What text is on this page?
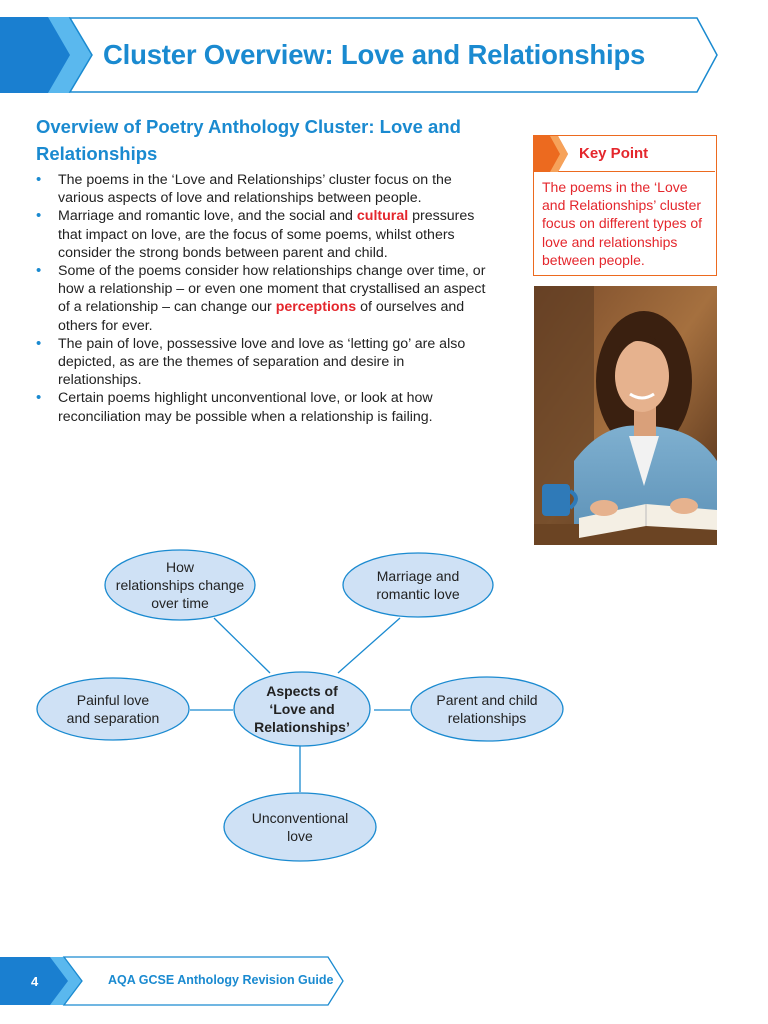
Cluster Overview: Love and Relationships
Overview of Poetry Anthology Cluster: Love and Relationships
• The poems in the ‘Love and Relationships’ cluster focus on the various aspects of love and relationships between people.
• Marriage and romantic love, and the social and cultural pressures that impact on love, are the focus of some poems, whilst others consider the strong bonds between parent and child.
• Some of the poems consider how relationships change over time, or how a relationship – or even one moment that crystallised an aspect of a relationship – can change our perceptions of ourselves and others for ever.
• The pain of love, possessive love and love as ‘letting go’ are also depicted, as are the themes of separation and desire in relationships.
• Certain poems highlight unconventional love, or look at how reconciliation may be possible when a relationship is failing.
Key Point
The poems in the ‘Love and Relationships’ cluster focus on different types of love and relationships between people.
How
relationships change
over time
Marriage and
romantic love
Aspects of
‘Love and
Relationships’
Painful love
and separation
Parent and child
relationships
Unconventional
love
4	AQA GCSE Anthology Revision Guide
